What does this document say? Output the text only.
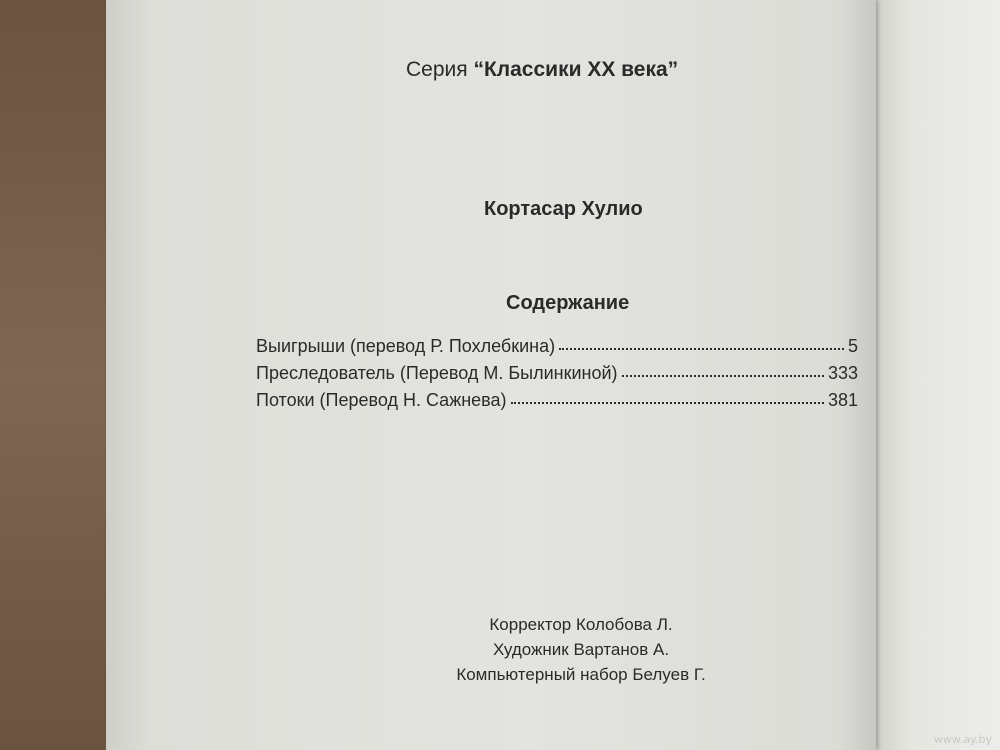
Серия “Классики XX века”
Кортасар Хулио
Содержание
Выигрыши (перевод Р. Похлебкина)	5
Преследователь (Перевод М. Былинкиной)	333
Потоки (Перевод Н. Сажнева)	381
Корректор Колобова Л.
Художник Вартанов А.
Компьютерный набор Белуев Г.
www.ay.by
